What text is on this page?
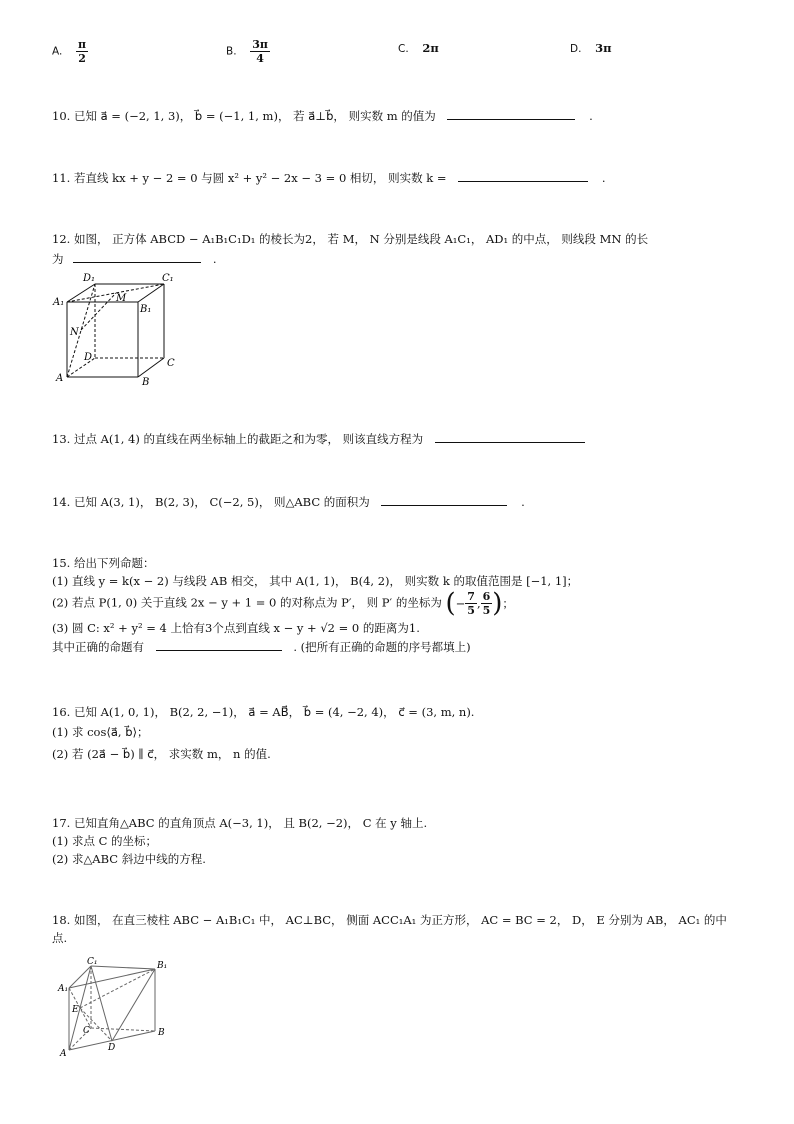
A. $\frac{\pi}{2}$	B. $\frac{3\pi}{4}$	C. 2π	D. 3π
10. 已知 a⃗ = (−2, 1, 3)， b⃗ = (−1, 1, m)， 若 a⃗⊥b⃗， 则实数 m 的值为	.
11. 若直线 kx + y − 2 = 0 与圆 x² + y² − 2x − 3 = 0 相切， 则实数 k =	.
12. 如图， 正方体 ABCD − A₁B₁C₁D₁ 的棱长为2， 若 M， N 分别是线段 A₁C₁， AD₁ 的中点， 则线段 MN 的长
为	.
D₁	C₁
A₁
B₁
M
N
D
C
A	B
13. 过点 A(1, 4) 的直线在两坐标轴上的截距之和为零， 则该直线方程为
14. 已知 A(3, 1)， B(2, 3)， C(−2, 5)， 则△ABC 的面积为	.
15. 给出下列命题：
(1) 直线 y = k(x − 2) 与线段 AB 相交， 其中 A(1, 1)， B(4, 2)， 则实数 k 的取值范围是 [−1, 1]；
(2) 若点 P(1, 0) 关于直线 2x − y + 1 = 0 的对称点为 P′， 则 P′ 的坐标为 (− $\frac{7}{5}$ , $\frac{6}{5}$ )；
(3) 圆 C: x² + y² = 4 上恰有3个点到直线 x − y + √2 = 0 的距离为1.
其中正确的命题有	. (把所有正确的命题的序号都填上)
16. 已知 A(1, 0, 1)， B(2, 2, −1)， a⃗ = AB⃗， b⃗ = (4, −2, 4)， c⃗ = (3, m, n).
(1) 求 cos⟨a⃗, b⃗⟩；
(2) 若 (2a⃗ − b⃗) ∥ c⃗， 求实数 m， n 的值.
17. 已知直角△ABC 的直角顶点 A(−3, 1)， 且 B(2, −2)， C 在 y 轴上.
(1) 求点 C 的坐标；
(2) 求△ABC 斜边中线的方程.
18. 如图， 在直三棱柱 ABC − A₁B₁C₁ 中， AC⊥BC， 侧面 ACC₁A₁ 为正方形， AC = BC = 2， D， E 分别为 AB， AC₁ 的中
点.
C₁	B₁
A₁
E
C	B
A
D
